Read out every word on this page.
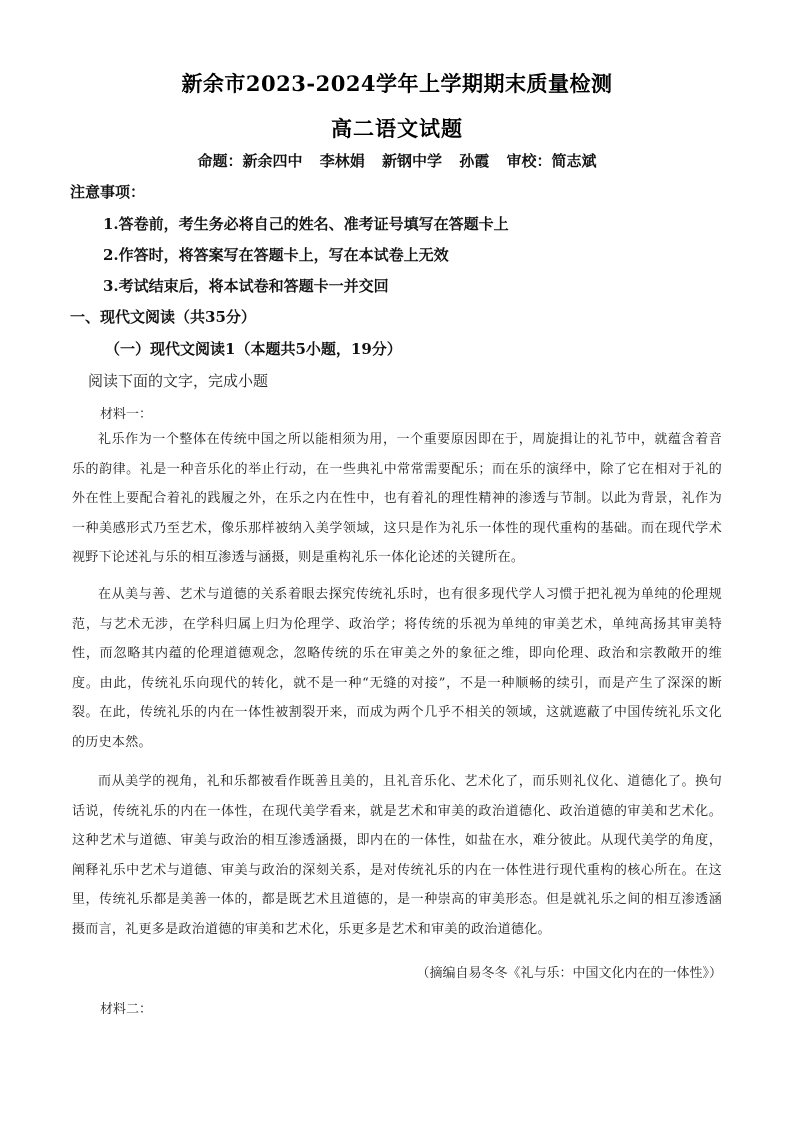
新余市2023-2024学年上学期期末质量检测
高二语文试题
命题：新余四中 李林娟 新钢中学 孙霞 审校：简志斌
注意事项：
1.答卷前，考生务必将自己的姓名、准考证号填写在答题卡上
2.作答时，将答案写在答题卡上，写在本试卷上无效
3.考试结束后，将本试卷和答题卡一并交回
一、现代文阅读（共35分）
（一）现代文阅读1（本题共5小题，19分）
阅读下面的文字，完成小题
材料一：
礼乐作为一个整体在传统中国之所以能相须为用，一个重要原因即在于，周旋揖让的礼节中，就蕴含着音乐的韵律。礼是一种音乐化的举止行动，在一些典礼中常常需要配乐；而在乐的演绎中，除了它在相对于礼的外在性上要配合着礼的践履之外，在乐之内在性中，也有着礼的理性精神的渗透与节制。以此为背景，礼作为一种美感形式乃至艺术，像乐那样被纳入美学领域，这只是作为礼乐一体性的现代重构的基础。而在现代学术视野下论述礼与乐的相互渗透与涵摄，则是重构礼乐一体化论述的关键所在。
在从美与善、艺术与道德的关系着眼去探究传统礼乐时，也有很多现代学人习惯于把礼视为单纯的伦理规范，与艺术无涉，在学科归属上归为伦理学、政治学；将传统的乐视为单纯的审美艺术，单纯高扬其审美特性，而忽略其内蕴的伦理道德观念，忽略传统的乐在审美之外的象征之维，即向伦理、政治和宗教敞开的维度。由此，传统礼乐向现代的转化，就不是一种“无缝的对接”，不是一种顺畅的续引，而是产生了深深的断裂。在此，传统礼乐的内在一体性被割裂开来，而成为两个几乎不相关的领域，这就遮蔽了中国传统礼乐文化的历史本然。
而从美学的视角，礼和乐都被看作既善且美的，且礼音乐化、艺术化了，而乐则礼仪化、道德化了。换句话说，传统礼乐的内在一体性，在现代美学看来，就是艺术和审美的政治道德化、政治道德的审美和艺术化。这种艺术与道德、审美与政治的相互渗透涵摄，即内在的一体性，如盐在水，难分彼此。从现代美学的角度，阐释礼乐中艺术与道德、审美与政治的深刻关系，是对传统礼乐的内在一体性进行现代重构的核心所在。在这里，传统礼乐都是美善一体的，都是既艺术且道德的，是一种崇高的审美形态。但是就礼乐之间的相互渗透涵摄而言，礼更多是政治道德的审美和艺术化，乐更多是艺术和审美的政治道德化。
（摘编自易冬冬《礼与乐：中国文化内在的一体性》）
材料二：
